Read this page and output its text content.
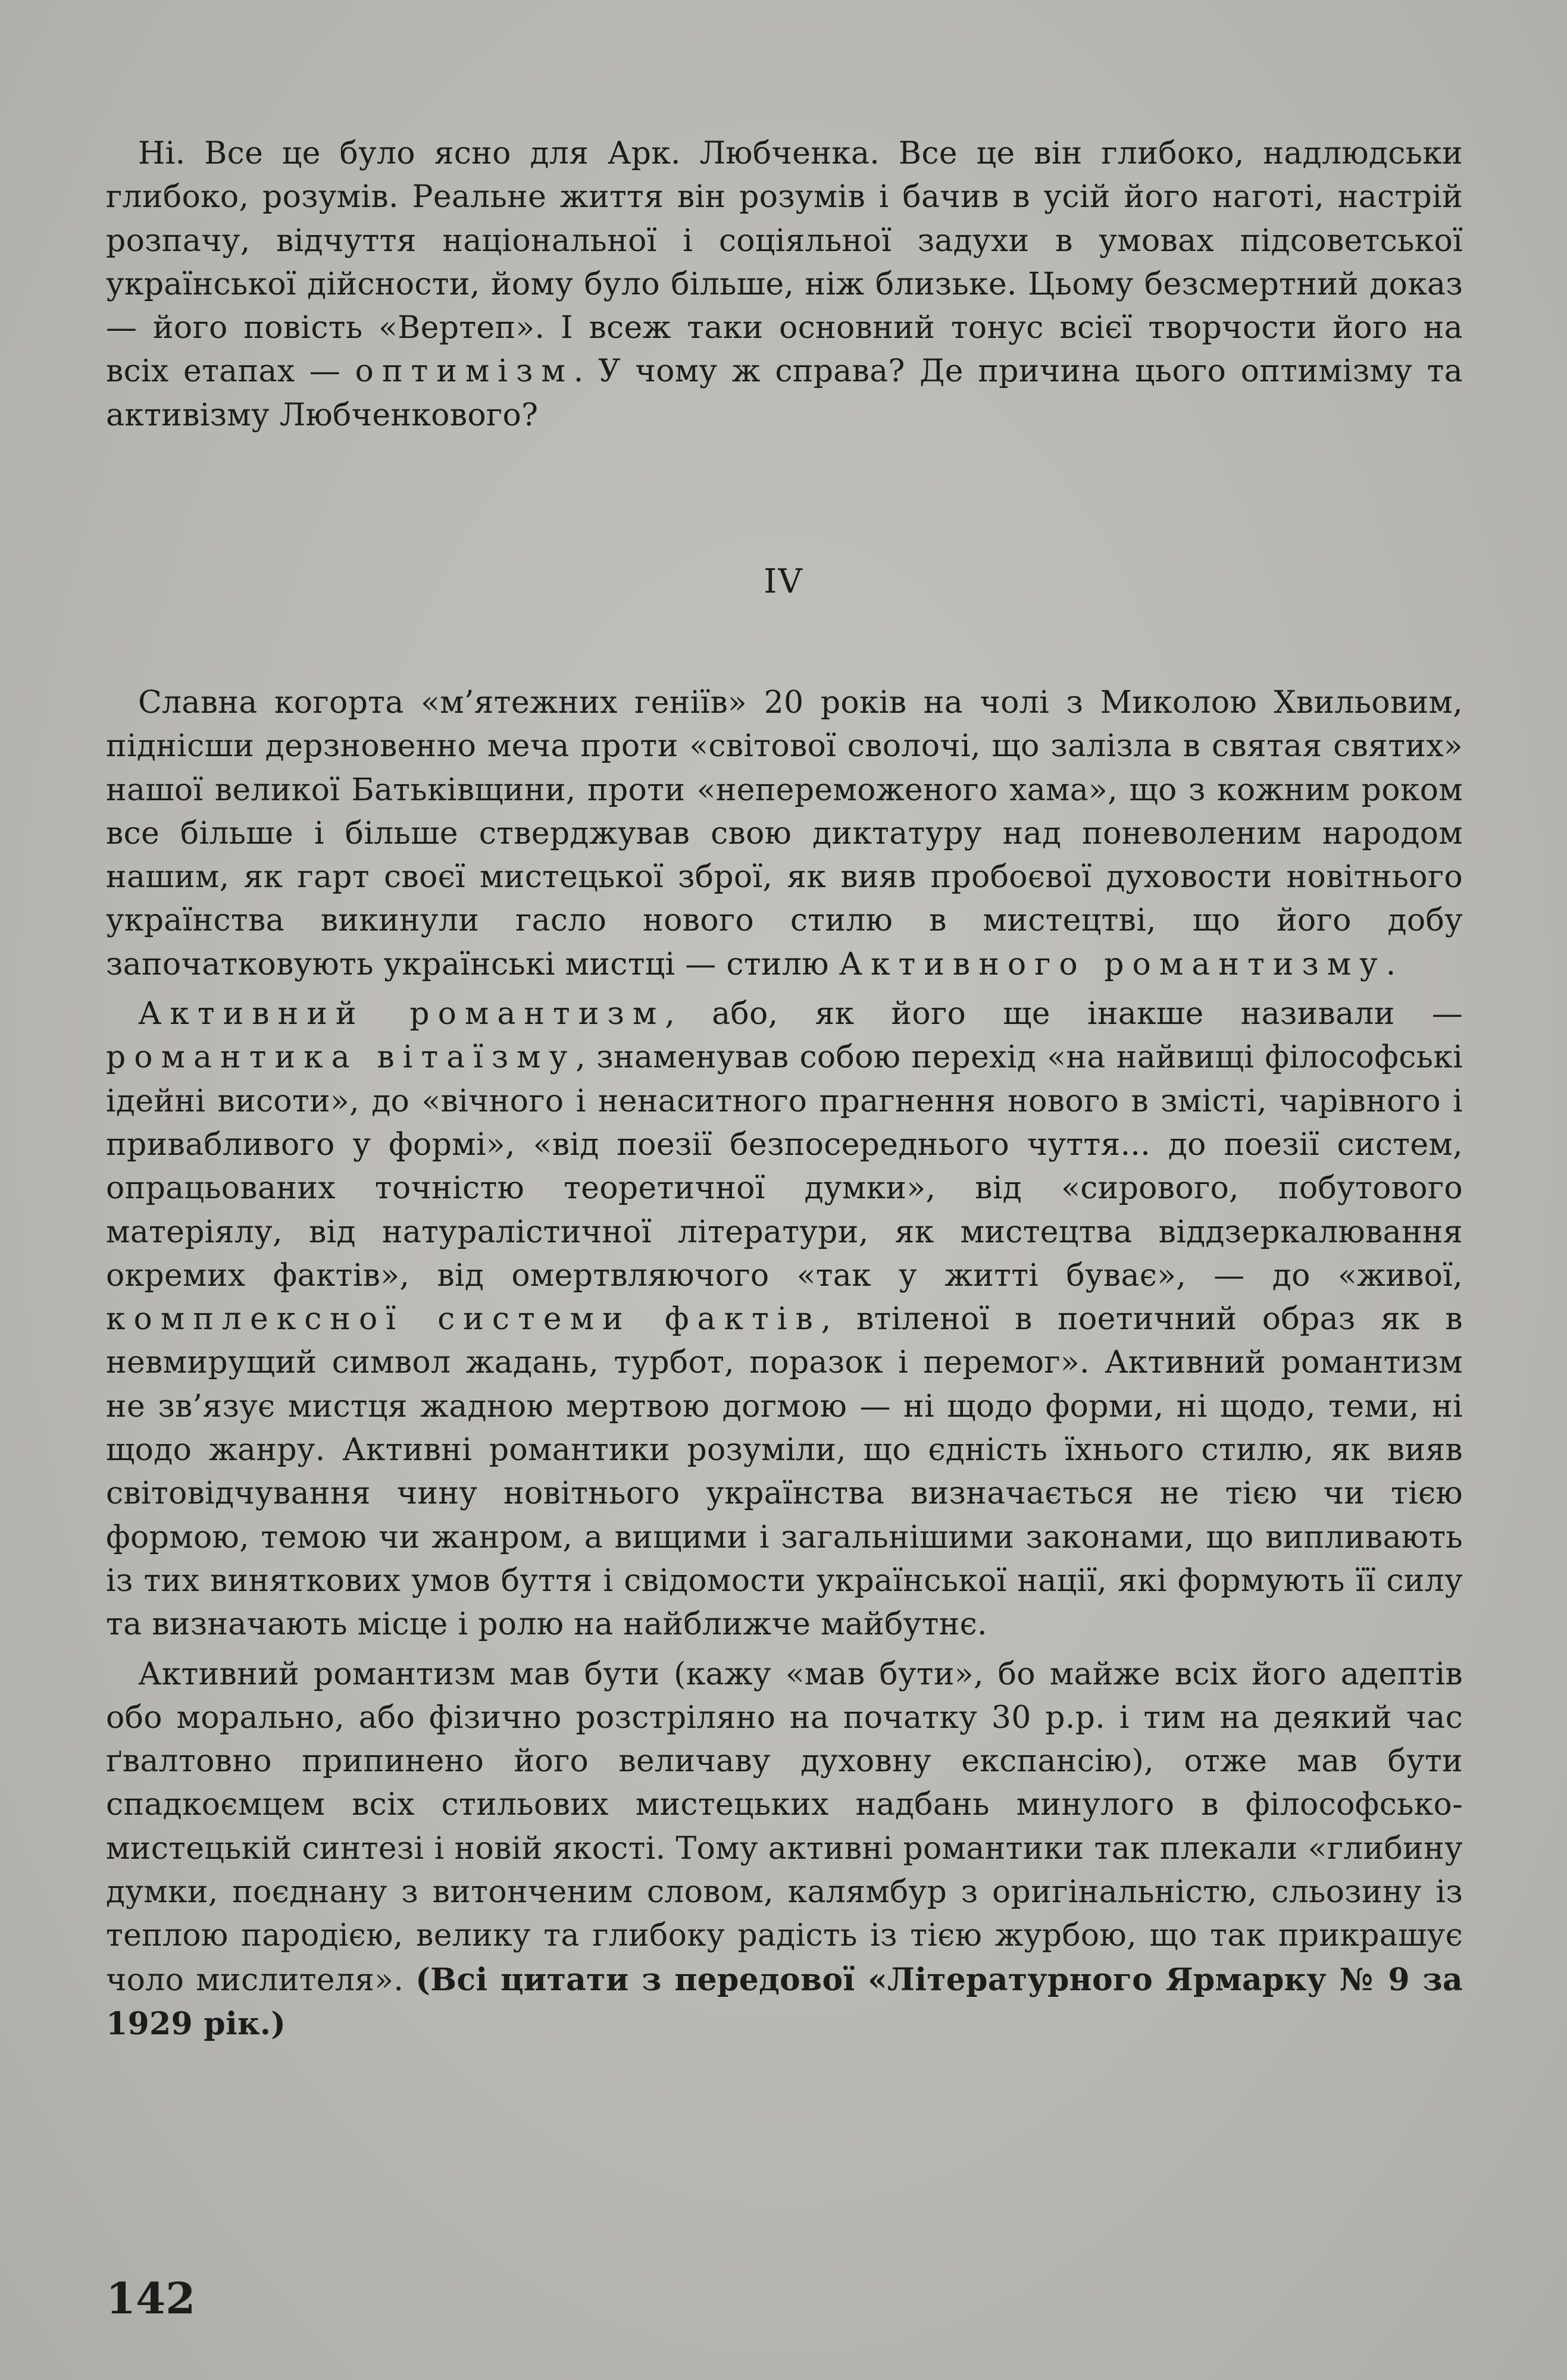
Ні. Все це було ясно для Арк. Любченка. Все це він глибоко, надлюдськи глибоко, розумів. Реальне життя він розумів і бачив в усій його наготі, настрій розпачу, відчуття національної і соціяльної задухи в умовах підсоветської української дійсности, йому було більше, ніж близьке. Цьому безсмертний доказ — його повість «Вертеп». І всеж таки основний тонус всієї творчости його на всіх етапах — оптимізм. У чому ж справа? Де причина цього оптимізму та активізму Любченкового?

IV

Славна когорта «м’ятежних геніїв» 20 років на чолі з Миколою Хвильовим, піднісши дерзновенно меча проти «світової сволочі, що залізла в святая святих» нашої великої Батьківщини, проти «непереможеного хама», що з кожним роком все більше і більше стверджував свою диктатуру над поневоленим народом нашим, як гарт своєї мистецької зброї, як вияв пробоєвої духовости новітнього українства викинули гасло нового стилю в мистецтві, що його добу започатковують українські мистці — стилю Активного романтизму.

Активний романтизм, або, як його ще інакше називали — романтика вітаїзму, знаменував собою перехід «на найвищі філософські ідейні висоти», до «вічного і ненаситного прагнення нового в змісті, чарівного і привабливого у формі», «від поезії безпосереднього чуття... до поезії систем, опрацьованих точністю теоретичної думки», від «сирового, побутового матеріялу, від натуралістичної літератури, як мистецтва віддзеркалювання окремих фактів», від омертвляючого «так у житті буває», — до «живої, комплексної системи фактів, втіленої в поетичний образ як в невмирущий символ жадань, турбот, поразок і перемог». Активний романтизм не зв’язує мистця жадною мертвою догмою — ні щодо форми, ні щодо, теми, ні щодо жанру. Активні романтики розуміли, що єдність їхнього стилю, як вияв світовідчування чину новітнього українства визначається не тією чи тією формою, темою чи жанром, а вищими і загальнішими законами, що випливають із тих виняткових умов буття і свідомости української нації, які формують її силу та визначають місце і ролю на найближче майбутнє.

Активний романтизм мав бути (кажу «мав бути», бо майже всіх його адептів обо морально, або фізично розстріляно на початку 30 р.р. і тим на деякий час ґвалтовно припинено його величаву духовну експансію), отже мав бути спадкоємцем всіх стильових мистецьких надбань минулого в філософсько-мистецькій синтезі і новій якості. Тому активні романтики так плекали «глибину думки, поєднану з витонченим словом, калямбур з оригінальністю, сльозину із теплою пародією, велику та глибоку радість із тією журбою, що так прикрашує чоло мислителя». (Всі цитати з передової «Літературного Ярмарку № 9 за 1929 рік.)

142
